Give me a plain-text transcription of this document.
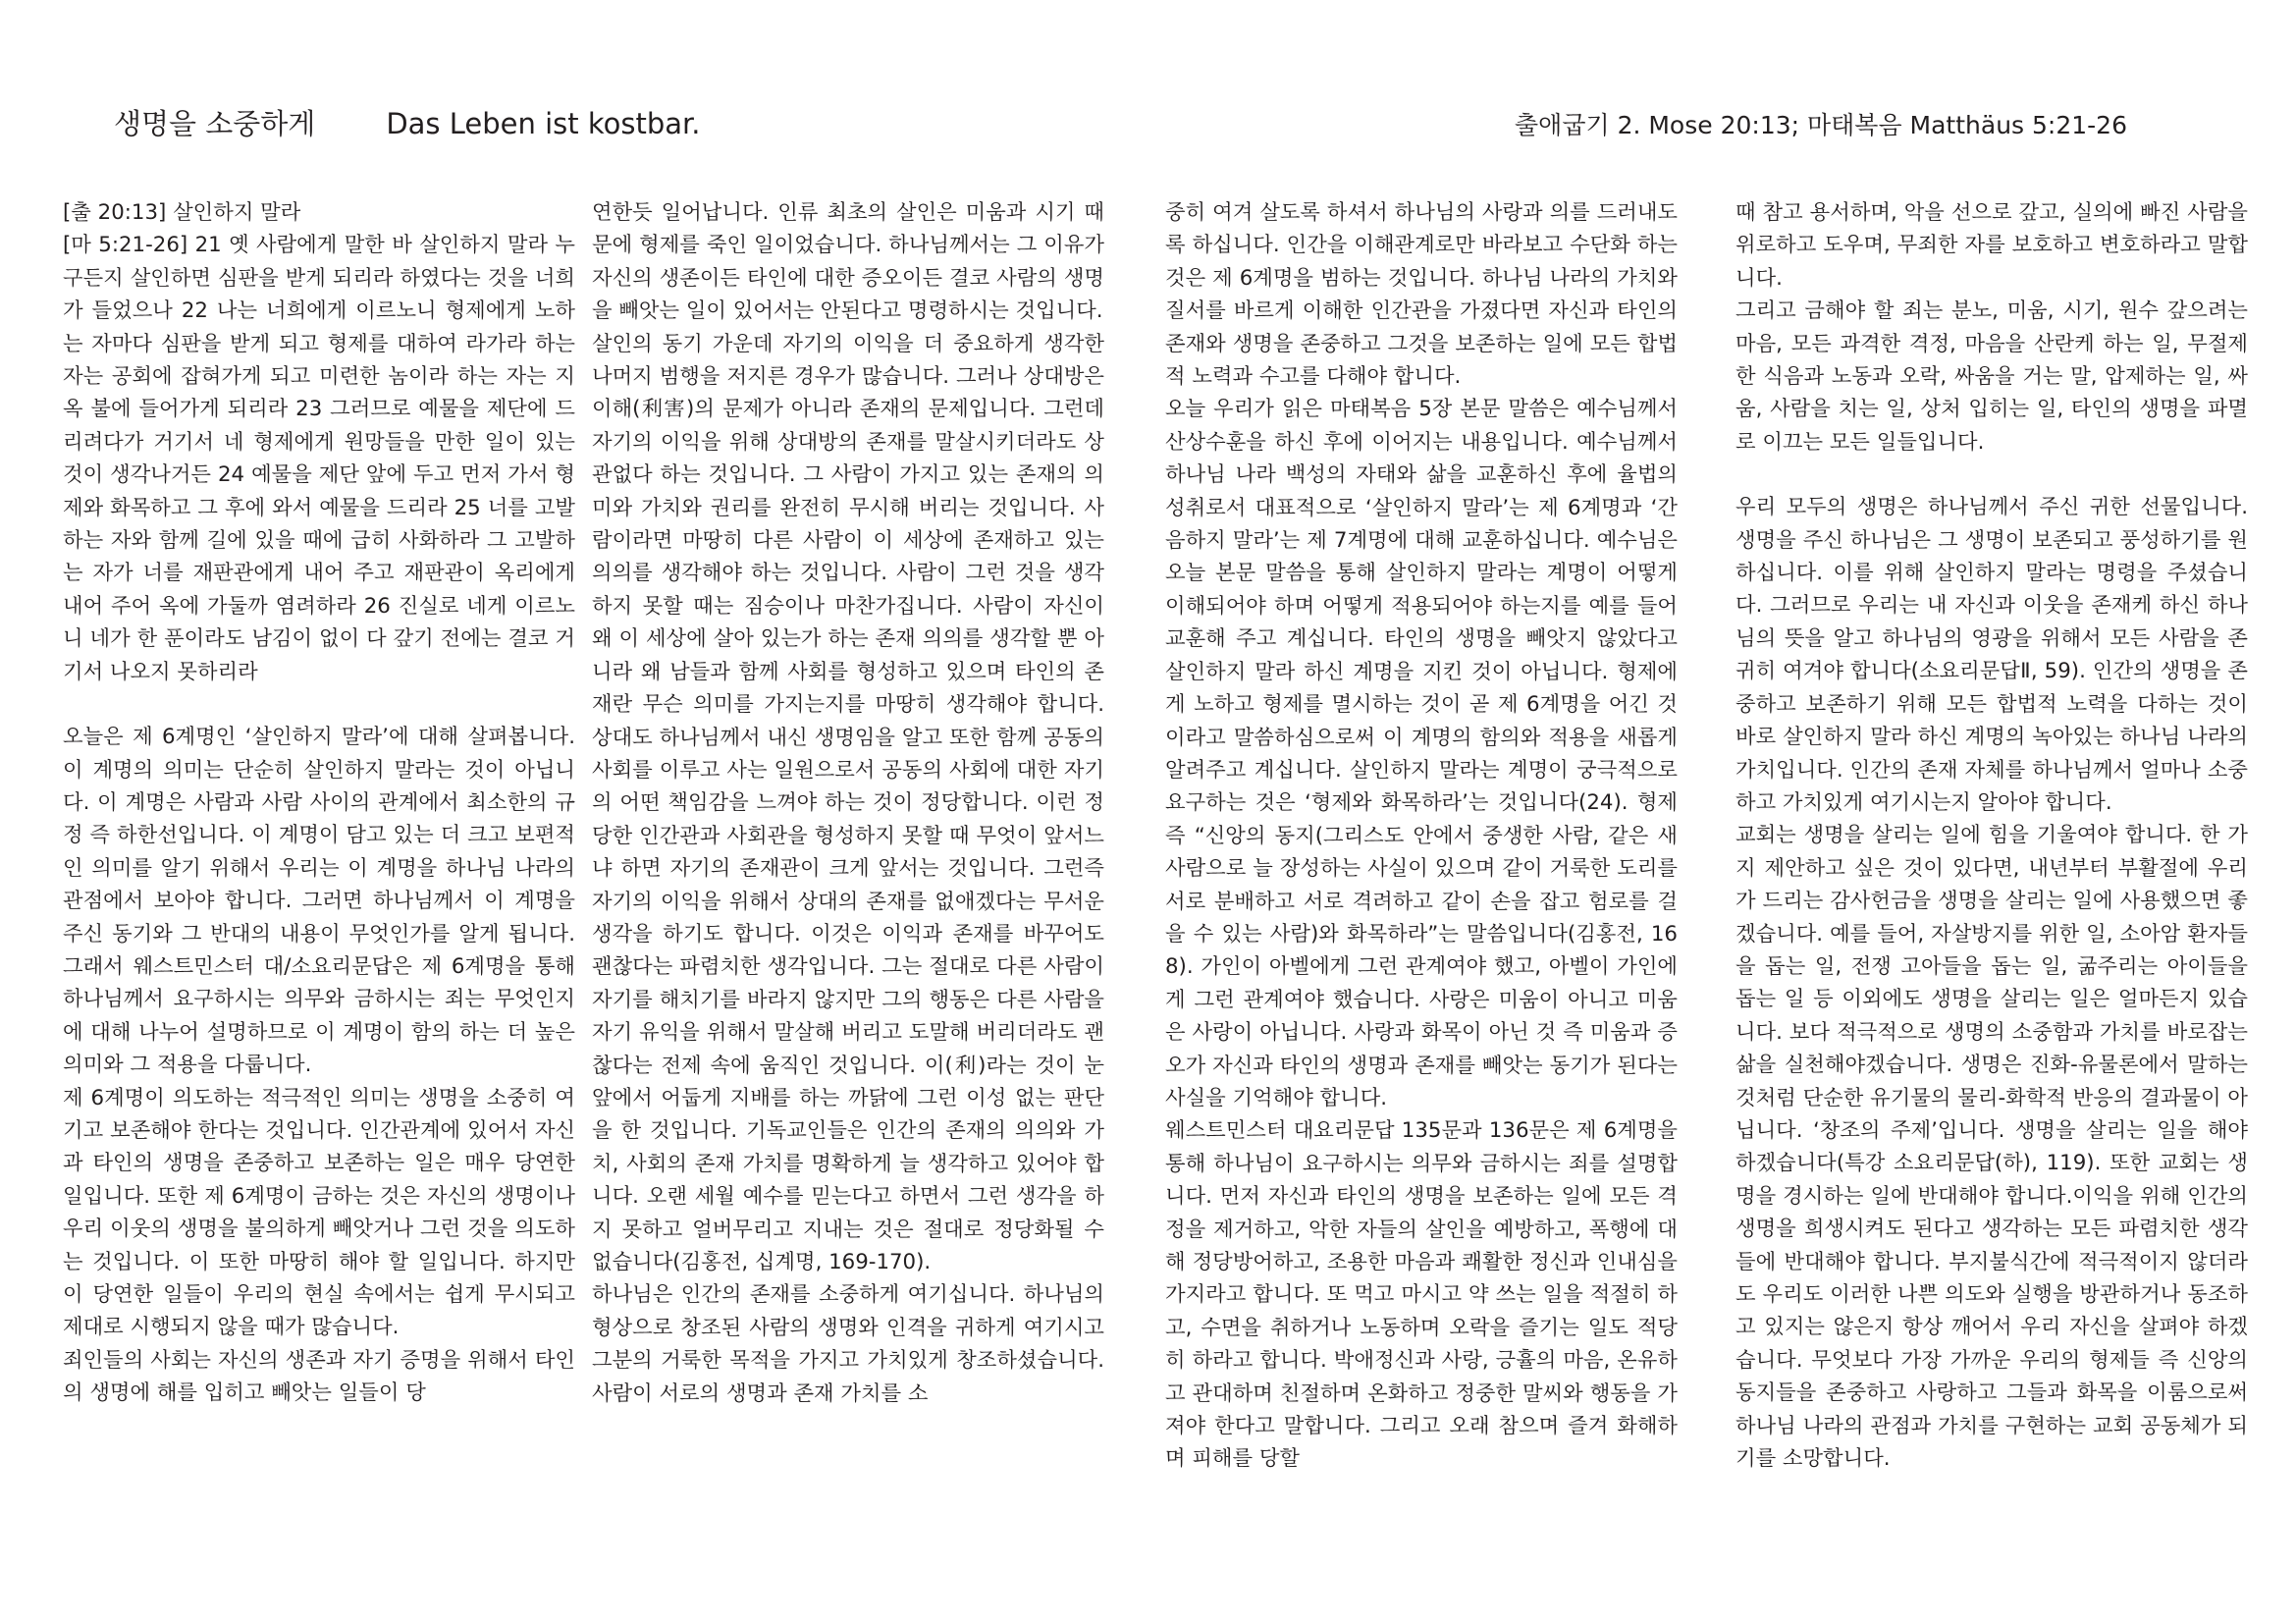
생명을 소중하게 Das Leben ist kostbar.	출애굽기 2. Mose 20:13; 마태복음 Matthäus 5:21-26

[출 20:13] 살인하지 말라

[마 5:21-26] 21 옛 사람에게 말한 바 살인하지 말라 누구든지 살인하면 심판을 받게 되리라 하였다는 것을 너희가 들었으나 22 나는 너희에게 이르노니 형제에게 노하는 자마다 심판을 받게 되고 형제를 대하여 라가라 하는 자는 공회에 잡혀가게 되고 미련한 놈이라 하는 자는 지옥 불에 들어가게 되리라 23 그러므로 예물을 제단에 드리려다가 거기서 네 형제에게 원망들을 만한 일이 있는 것이 생각나거든 24 예물을 제단 앞에 두고 먼저 가서 형제와 화목하고 그 후에 와서 예물을 드리라 25 너를 고발하는 자와 함께 길에 있을 때에 급히 사화하라 그 고발하는 자가 너를 재판관에게 내어 주고 재판관이 옥리에게 내어 주어 옥에 가둘까 염려하라 26 진실로 네게 이르노니 네가 한 푼이라도 남김이 없이 다 갚기 전에는 결코 거기서 나오지 못하리라

오늘은 제 6계명인 ‘살인하지 말라’에 대해 살펴봅니다. 이 계명의 의미는 단순히 살인하지 말라는 것이 아닙니다. 이 계명은 사람과 사람 사이의 관계에서 최소한의 규정 즉 하한선입니다. 이 계명이 담고 있는 더 크고 보편적인 의미를 알기 위해서 우리는 이 계명을 하나님 나라의 관점에서 보아야 합니다. 그러면 하나님께서 이 계명을 주신 동기와 그 반대의 내용이 무엇인가를 알게 됩니다. 그래서 웨스트민스터 대/소요리문답은 제 6계명을 통해 하나님께서 요구하시는 의무와 금하시는 죄는 무엇인지에 대해 나누어 설명하므로 이 계명이 함의 하는 더 높은 의미와 그 적용을 다룹니다.

제 6계명이 의도하는 적극적인 의미는 생명을 소중히 여기고 보존해야 한다는 것입니다. 인간관계에 있어서 자신과 타인의 생명을 존중하고 보존하는 일은 매우 당연한 일입니다. 또한 제 6계명이 금하는 것은 자신의 생명이나 우리 이웃의 생명을 불의하게 빼앗거나 그런 것을 의도하는 것입니다. 이 또한 마땅히 해야 할 일입니다. 하지만 이 당연한 일들이 우리의 현실 속에서는 쉽게 무시되고 제대로 시행되지 않을 때가 많습니다.

죄인들의 사회는 자신의 생존과 자기 증명을 위해서 타인의 생명에 해를 입히고 빼앗는 일들이 당

연한듯 일어납니다. 인류 최초의 살인은 미움과 시기 때문에 형제를 죽인 일이었습니다. 하나님께서는 그 이유가 자신의 생존이든 타인에 대한 증오이든 결코 사람의 생명을 빼앗는 일이 있어서는 안된다고 명령하시는 것입니다.

살인의 동기 가운데 자기의 이익을 더 중요하게 생각한 나머지 범행을 저지른 경우가 많습니다. 그러나 상대방은 이해(利害)의 문제가 아니라 존재의 문제입니다. 그런데 자기의 이익을 위해 상대방의 존재를 말살시키더라도 상관없다 하는 것입니다. 그 사람이 가지고 있는 존재의 의미와 가치와 권리를 완전히 무시해 버리는 것입니다. 사람이라면 마땅히 다른 사람이 이 세상에 존재하고 있는 의의를 생각해야 하는 것입니다. 사람이 그런 것을 생각하지 못할 때는 짐승이나 마찬가집니다. 사람이 자신이 왜 이 세상에 살아 있는가 하는 존재 의의를 생각할 뿐 아니라 왜 남들과 함께 사회를 형성하고 있으며 타인의 존재란 무슨 의미를 가지는지를 마땅히 생각해야 합니다. 상대도 하나님께서 내신 생명임을 알고 또한 함께 공동의 사회를 이루고 사는 일원으로서 공동의 사회에 대한 자기의 어떤 책임감을 느껴야 하는 것이 정당합니다. 이런 정당한 인간관과 사회관을 형성하지 못할 때 무엇이 앞서느냐 하면 자기의 존재관이 크게 앞서는 것입니다. 그런즉 자기의 이익을 위해서 상대의 존재를 없애겠다는 무서운 생각을 하기도 합니다. 이것은 이익과 존재를 바꾸어도 괜찮다는 파렴치한 생각입니다. 그는 절대로 다른 사람이 자기를 해치기를 바라지 않지만 그의 행동은 다른 사람을 자기 유익을 위해서 말살해 버리고 도말해 버리더라도 괜찮다는 전제 속에 움직인 것입니다. 이(利)라는 것이 눈앞에서 어둡게 지배를 하는 까닭에 그런 이성 없는 판단을 한 것입니다. 기독교인들은 인간의 존재의 의의와 가치, 사회의 존재 가치를 명확하게 늘 생각하고 있어야 합니다. 오랜 세월 예수를 믿는다고 하면서 그런 생각을 하지 못하고 얼버무리고 지내는 것은 절대로 정당화될 수 없습니다(김홍전, 십계명, 169-170).

하나님은 인간의 존재를 소중하게 여기십니다. 하나님의 형상으로 창조된 사람의 생명와 인격을 귀하게 여기시고 그분의 거룩한 목적을 가지고 가치있게 창조하셨습니다. 사람이 서로의 생명과 존재 가치를 소

중히 여겨 살도록 하셔서 하나님의 사랑과 의를 드러내도록 하십니다. 인간을 이해관계로만 바라보고 수단화 하는 것은 제 6계명을 범하는 것입니다. 하나님 나라의 가치와 질서를 바르게 이해한 인간관을 가졌다면 자신과 타인의 존재와 생명을 존중하고 그것을 보존하는 일에 모든 합법적 노력과 수고를 다해야 합니다.

오늘 우리가 읽은 마태복음 5장 본문 말씀은 예수님께서 산상수훈을 하신 후에 이어지는 내용입니다. 예수님께서 하나님 나라 백성의 자태와 삶을 교훈하신 후에 율법의 성취로서 대표적으로 ‘살인하지 말라’는 제 6계명과 ‘간음하지 말라’는 제 7계명에 대해 교훈하십니다. 예수님은 오늘 본문 말씀을 통해 살인하지 말라는 계명이 어떻게 이해되어야 하며 어떻게 적용되어야 하는지를 예를 들어 교훈해 주고 계십니다. 타인의 생명을 빼앗지 않았다고 살인하지 말라 하신 계명을 지킨 것이 아닙니다. 형제에게 노하고 형제를 멸시하는 것이 곧 제 6계명을 어긴 것이라고 말씀하심으로써 이 계명의 함의와 적용을 새롭게 알려주고 계십니다. 살인하지 말라는 계명이 궁극적으로 요구하는 것은 ‘형제와 화목하라’는 것입니다(24). 형제 즉 “신앙의 동지(그리스도 안에서 중생한 사람, 같은 새 사람으로 늘 장성하는 사실이 있으며 같이 거룩한 도리를 서로 분배하고 서로 격려하고 같이 손을 잡고 험로를 걸을 수 있는 사람)와 화목하라”는 말씀입니다(김홍전, 168). 가인이 아벨에게 그런 관계여야 했고, 아벨이 가인에게 그런 관계여야 했습니다. 사랑은 미움이 아니고 미움은 사랑이 아닙니다. 사랑과 화목이 아닌 것 즉 미움과 증오가 자신과 타인의 생명과 존재를 빼앗는 동기가 된다는 사실을 기억해야 합니다.

웨스트민스터 대요리문답 135문과 136문은 제 6계명을 통해 하나님이 요구하시는 의무와 금하시는 죄를 설명합니다. 먼저 자신과 타인의 생명을 보존하는 일에 모든 격정을 제거하고, 악한 자들의 살인을 예방하고, 폭행에 대해 정당방어하고, 조용한 마음과 쾌활한 정신과 인내심을 가지라고 합니다. 또 먹고 마시고 약 쓰는 일을 적절히 하고, 수면을 취하거나 노동하며 오락을 즐기는 일도 적당히 하라고 합니다. 박애정신과 사랑, 긍휼의 마음, 온유하고 관대하며 친절하며 온화하고 정중한 말씨와 행동을 가져야 한다고 말합니다. 그리고 오래 참으며 즐겨 화해하며 피해를 당할

때 참고 용서하며, 악을 선으로 갚고, 실의에 빠진 사람을 위로하고 도우며, 무죄한 자를 보호하고 변호하라고 말합니다.

그리고 금해야 할 죄는 분노, 미움, 시기, 원수 갚으려는 마음, 모든 과격한 격정, 마음을 산란케 하는 일, 무절제한 식음과 노동과 오락, 싸움을 거는 말, 압제하는 일, 싸움, 사람을 치는 일, 상처 입히는 일, 타인의 생명을 파멸로 이끄는 모든 일들입니다.

우리 모두의 생명은 하나님께서 주신 귀한 선물입니다. 생명을 주신 하나님은 그 생명이 보존되고 풍성하기를 원하십니다. 이를 위해 살인하지 말라는 명령을 주셨습니다. 그러므로 우리는 내 자신과 이웃을 존재케 하신 하나님의 뜻을 알고 하나님의 영광을 위해서 모든 사람을 존귀히 여겨야 합니다(소요리문답Ⅱ, 59). 인간의 생명을 존중하고 보존하기 위해 모든 합법적 노력을 다하는 것이 바로 살인하지 말라 하신 계명의 녹아있는 하나님 나라의 가치입니다. 인간의 존재 자체를 하나님께서 얼마나 소중하고 가치있게 여기시는지 알아야 합니다.

교회는 생명을 살리는 일에 힘을 기울여야 합니다. 한 가지 제안하고 싶은 것이 있다면, 내년부터 부활절에 우리가 드리는 감사헌금을 생명을 살리는 일에 사용했으면 좋겠습니다. 예를 들어, 자살방지를 위한 일, 소아암 환자들을 돕는 일, 전쟁 고아들을 돕는 일, 굶주리는 아이들을 돕는 일 등 이외에도 생명을 살리는 일은 얼마든지 있습니다. 보다 적극적으로 생명의 소중함과 가치를 바로잡는 삶을 실천해야겠습니다. 생명은 진화-유물론에서 말하는 것처럼 단순한 유기물의 물리-화학적 반응의 결과물이 아닙니다. ‘창조의 주제’입니다. 생명을 살리는 일을 해야 하겠습니다(특강 소요리문답(하), 119). 또한 교회는 생명을 경시하는 일에 반대해야 합니다.이익을 위해 인간의 생명을 희생시켜도 된다고 생각하는 모든 파렴치한 생각들에 반대해야 합니다. 부지불식간에 적극적이지 않더라도 우리도 이러한 나쁜 의도와 실행을 방관하거나 동조하고 있지는 않은지 항상 깨어서 우리 자신을 살펴야 하겠습니다. 무엇보다 가장 가까운 우리의 형제들 즉 신앙의 동지들을 존중하고 사랑하고 그들과 화목을 이룸으로써 하나님 나라의 관점과 가치를 구현하는 교회 공동체가 되기를 소망합니다.
